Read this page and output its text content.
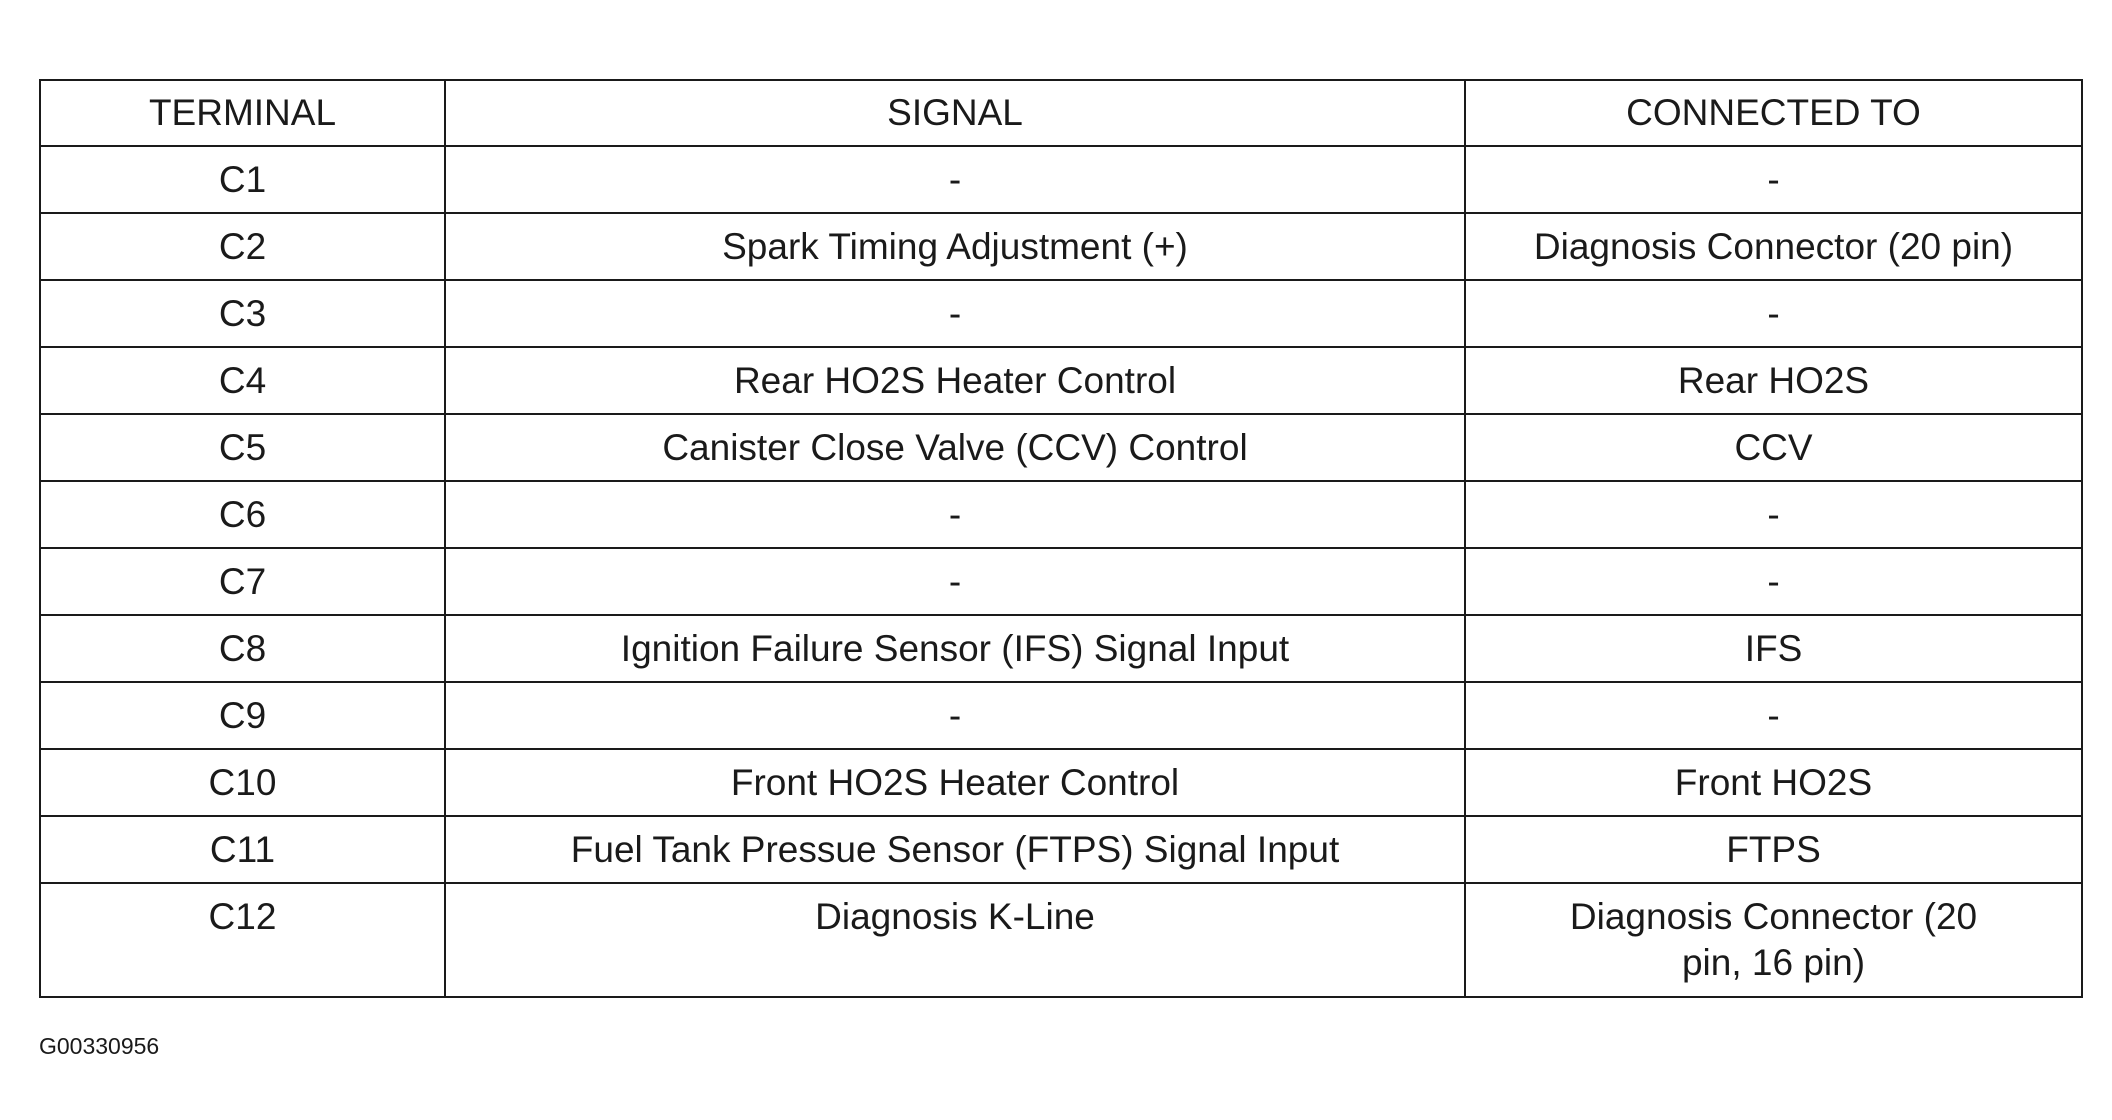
TERMINAL	SIGNAL	CONNECTED TO
C1	-	-
C2	Spark Timing Adjustment (+)	Diagnosis Connector (20 pin)
C3	-	-
C4	Rear HO2S Heater Control	Rear HO2S
C5	Canister Close Valve (CCV) Control	CCV
C6	-	-
C7	-	-
C8	Ignition Failure Sensor (IFS) Signal Input	IFS
C9	-	-
C10	Front HO2S Heater Control	Front HO2S
C11	Fuel Tank Pressue Sensor (FTPS) Signal Input	FTPS
C12	Diagnosis K-Line	Diagnosis Connector (20 pin, 16 pin)
G00330956
